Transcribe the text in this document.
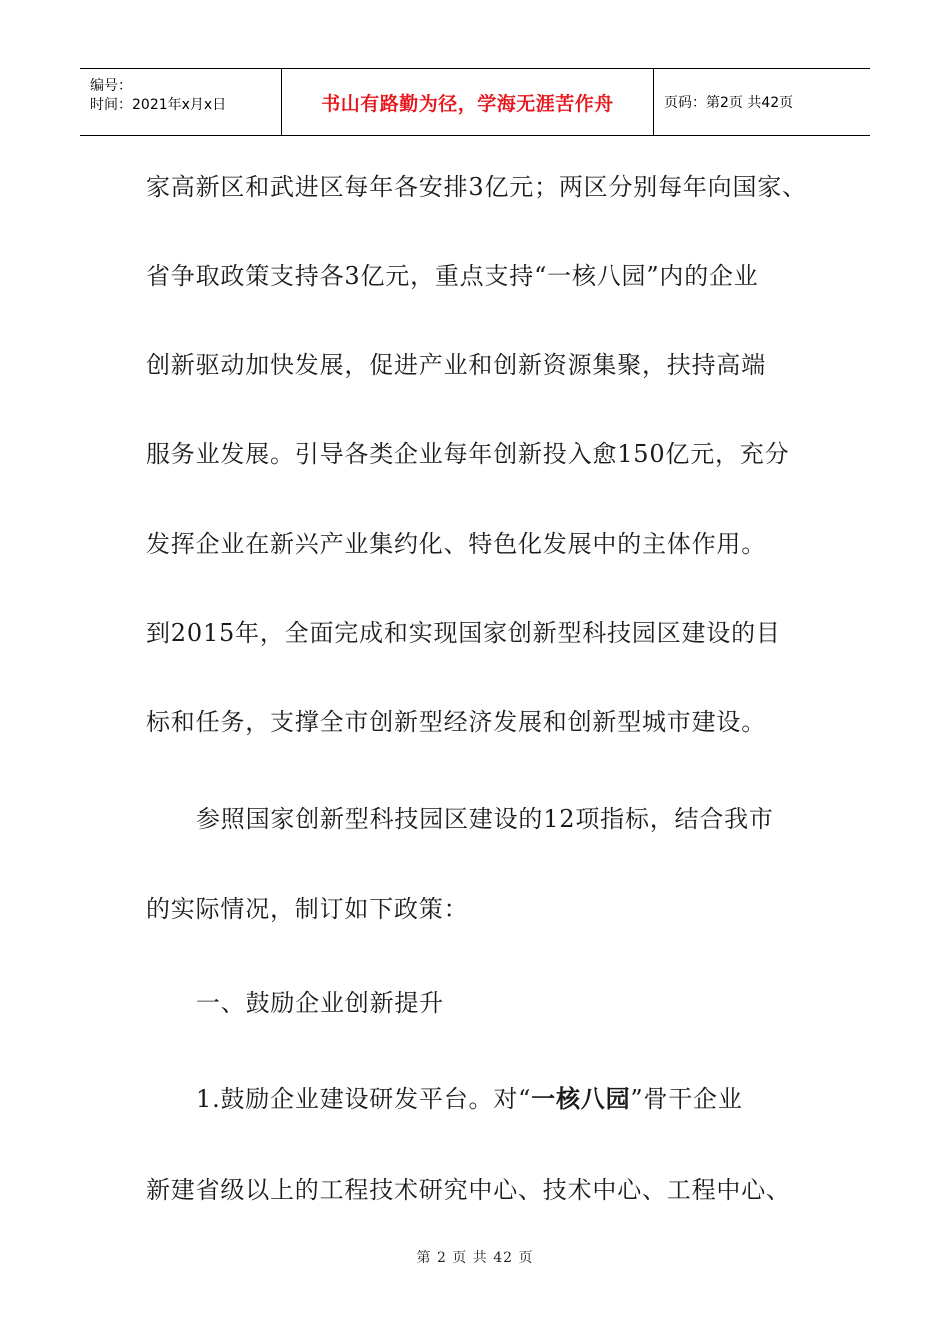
编号：
时间：2021年x月x日	书山有路勤为径，学海无涯苦作舟	页码：第2页 共42页
家高新区和武进区每年各安排3亿元；两区分别每年向国家、
省争取政策支持各3亿元，重点支持“一核八园”内的企业
创新驱动加快发展，促进产业和创新资源集聚，扶持高端
服务业发展。引导各类企业每年创新投入愈150亿元，充分
发挥企业在新兴产业集约化、特色化发展中的主体作用。
到2015年，全面完成和实现国家创新型科技园区建设的目
标和任务，支撑全市创新型经济发展和创新型城市建设。
参照国家创新型科技园区建设的12项指标，结合我市
的实际情况，制订如下政策：
一、鼓励企业创新提升
1.鼓励企业建设研发平台。对“一核八园”骨干企业
新建省级以上的工程技术研究中心、技术中心、工程中心、
第 2 页 共 42 页
